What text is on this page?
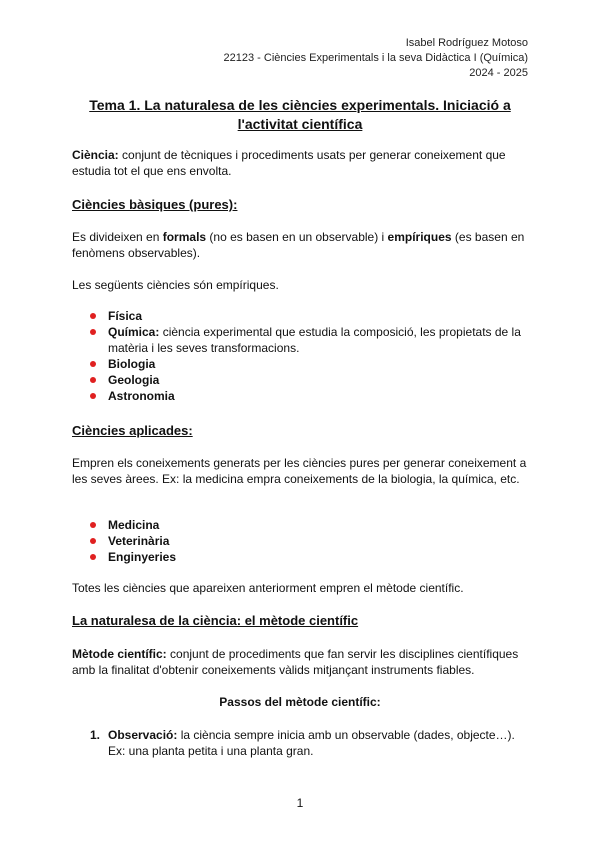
Isabel Rodríguez Motoso
22123 - Ciències Experimentals i la seva Didàctica I (Química)
2024 - 2025
Tema 1. La naturalesa de les ciències experimentals. Iniciació a l'activitat científica
Ciència: conjunt de tècniques i procediments usats per generar coneixement que estudia tot el que ens envolta.
Ciències bàsiques (pures):
Es divideixen en formals (no es basen en un observable) i empíriques (es basen en fenòmens observables).
Les següents ciències són empíriques.
Física
Química: ciència experimental que estudia la composició, les propietats de la matèria i les seves transformacions.
Biologia
Geologia
Astronomia
Ciències aplicades:
Empren els coneixements generats per les ciències pures per generar coneixement a les seves àrees. Ex: la medicina empra coneixements de la biologia, la química, etc.
Medicina
Veterinària
Enginyeries
Totes les ciències que apareixen anteriorment empren el mètode científic.
La naturalesa de la ciència: el mètode científic
Mètode científic: conjunt de procediments que fan servir les disciplines científiques amb la finalitat d'obtenir coneixements vàlids mitjançant instruments fiables.
Passos del mètode científic:
1. Observació: la ciència sempre inicia amb un observable (dades, objecte…). Ex: una planta petita i una planta gran.
1
